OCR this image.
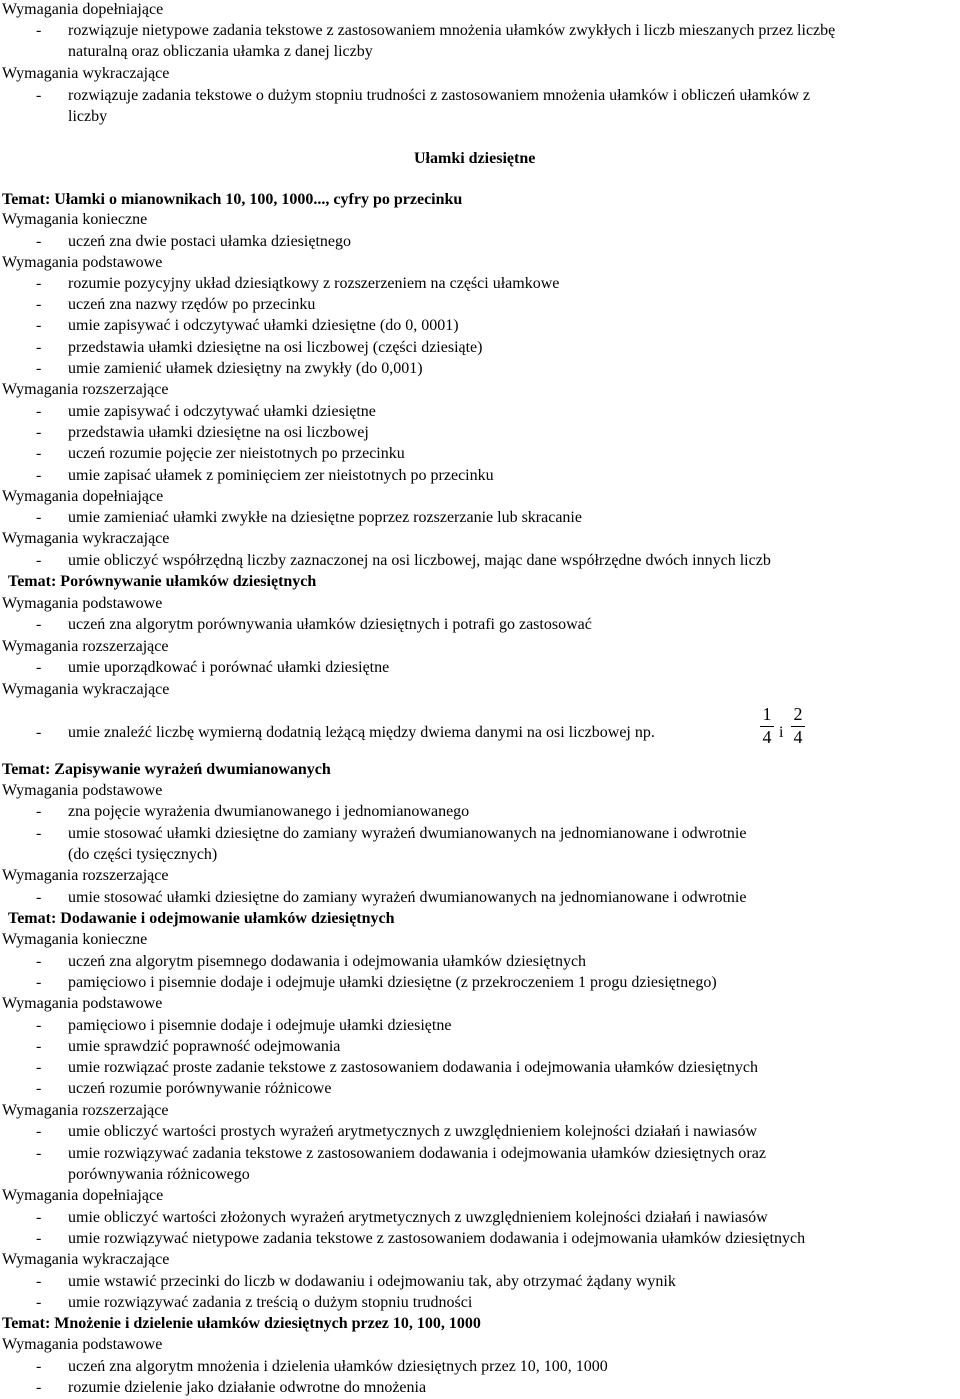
Wymagania dopełniające
- rozwiązuje nietypowe zadania tekstowe z zastosowaniem mnożenia ułamków zwykłych i liczb mieszanych przez liczbę
naturalną oraz obliczania ułamka z danej liczby
Wymagania wykraczające
- rozwiązuje zadania tekstowe o dużym stopniu trudności z zastosowaniem mnożenia ułamków i obliczeń ułamków z
liczby
Ułamki dziesiętne
Temat: Ułamki o mianownikach 10, 100, 1000..., cyfry po przecinku
Wymagania konieczne
- uczeń zna dwie postaci ułamka dziesiętnego
Wymagania podstawowe
- rozumie pozycyjny układ dziesiątkowy z rozszerzeniem na części ułamkowe
- uczeń zna nazwy rzędów po przecinku
- umie zapisywać i odczytywać ułamki dziesiętne (do 0, 0001)
- przedstawia ułamki dziesiętne na osi liczbowej (części dziesiąte)
- umie zamienić ułamek dziesiętny na zwykły (do 0,001)
Wymagania rozszerzające
- umie zapisywać i odczytywać ułamki dziesiętne
- przedstawia ułamki dziesiętne na osi liczbowej
- uczeń rozumie pojęcie zer nieistotnych po przecinku
- umie zapisać ułamek z pominięciem zer nieistotnych po przecinku
Wymagania dopełniające
- umie zamieniać ułamki zwykłe na dziesiętne poprzez rozszerzanie lub skracanie
Wymagania wykraczające
- umie obliczyć współrzędną liczby zaznaczonej na osi liczbowej, mając dane współrzędne dwóch innych liczb
Temat: Porównywanie ułamków dziesiętnych
Wymagania podstawowe
- uczeń zna algorytm porównywania ułamków dziesiętnych i potrafi go zastosować
Wymagania rozszerzające
- umie uporządkować i porównać ułamki dziesiętne
Wymagania wykraczające
- umie znaleźć liczbę wymierną dodatnią leżącą między dwiema danymi na osi liczbowej np.
1
4 i
2
4
Temat: Zapisywanie wyrażeń dwumianowanych
Wymagania podstawowe
- zna pojęcie wyrażenia dwumianowanego i jednomianowanego
- umie stosować ułamki dziesiętne do zamiany wyrażeń dwumianowanych na jednomianowane i odwrotnie
(do części tysięcznych)
Wymagania rozszerzające
- umie stosować ułamki dziesiętne do zamiany wyrażeń dwumianowanych na jednomianowane i odwrotnie
Temat: Dodawanie i odejmowanie ułamków dziesiętnych
Wymagania konieczne
- uczeń zna algorytm pisemnego dodawania i odejmowania ułamków dziesiętnych
- pamięciowo i pisemnie dodaje i odejmuje ułamki dziesiętne (z przekroczeniem 1 progu dziesiętnego)
Wymagania podstawowe
- pamięciowo i pisemnie dodaje i odejmuje ułamki dziesiętne
- umie sprawdzić poprawność odejmowania
- umie rozwiązać proste zadanie tekstowe z zastosowaniem dodawania i odejmowania ułamków dziesiętnych
- uczeń rozumie porównywanie różnicowe
Wymagania rozszerzające
- umie obliczyć wartości prostych wyrażeń arytmetycznych z uwzględnieniem kolejności działań i nawiasów
- umie rozwiązywać zadania tekstowe z zastosowaniem dodawania i odejmowania ułamków dziesiętnych oraz
porównywania różnicowego
Wymagania dopełniające
- umie obliczyć wartości złożonych wyrażeń arytmetycznych z uwzględnieniem kolejności działań i nawiasów
- umie rozwiązywać nietypowe zadania tekstowe z zastosowaniem dodawania i odejmowania ułamków dziesiętnych
Wymagania wykraczające
- umie wstawić przecinki do liczb w dodawaniu i odejmowaniu tak, aby otrzymać żądany wynik
- umie rozwiązywać zadania z treścią o dużym stopniu trudności
Temat: Mnożenie i dzielenie ułamków dziesiętnych przez 10, 100, 1000
Wymagania podstawowe
- uczeń zna algorytm mnożenia i dzielenia ułamków dziesiętnych przez 10, 100, 1000
- rozumie dzielenie jako działanie odwrotne do mnożenia
